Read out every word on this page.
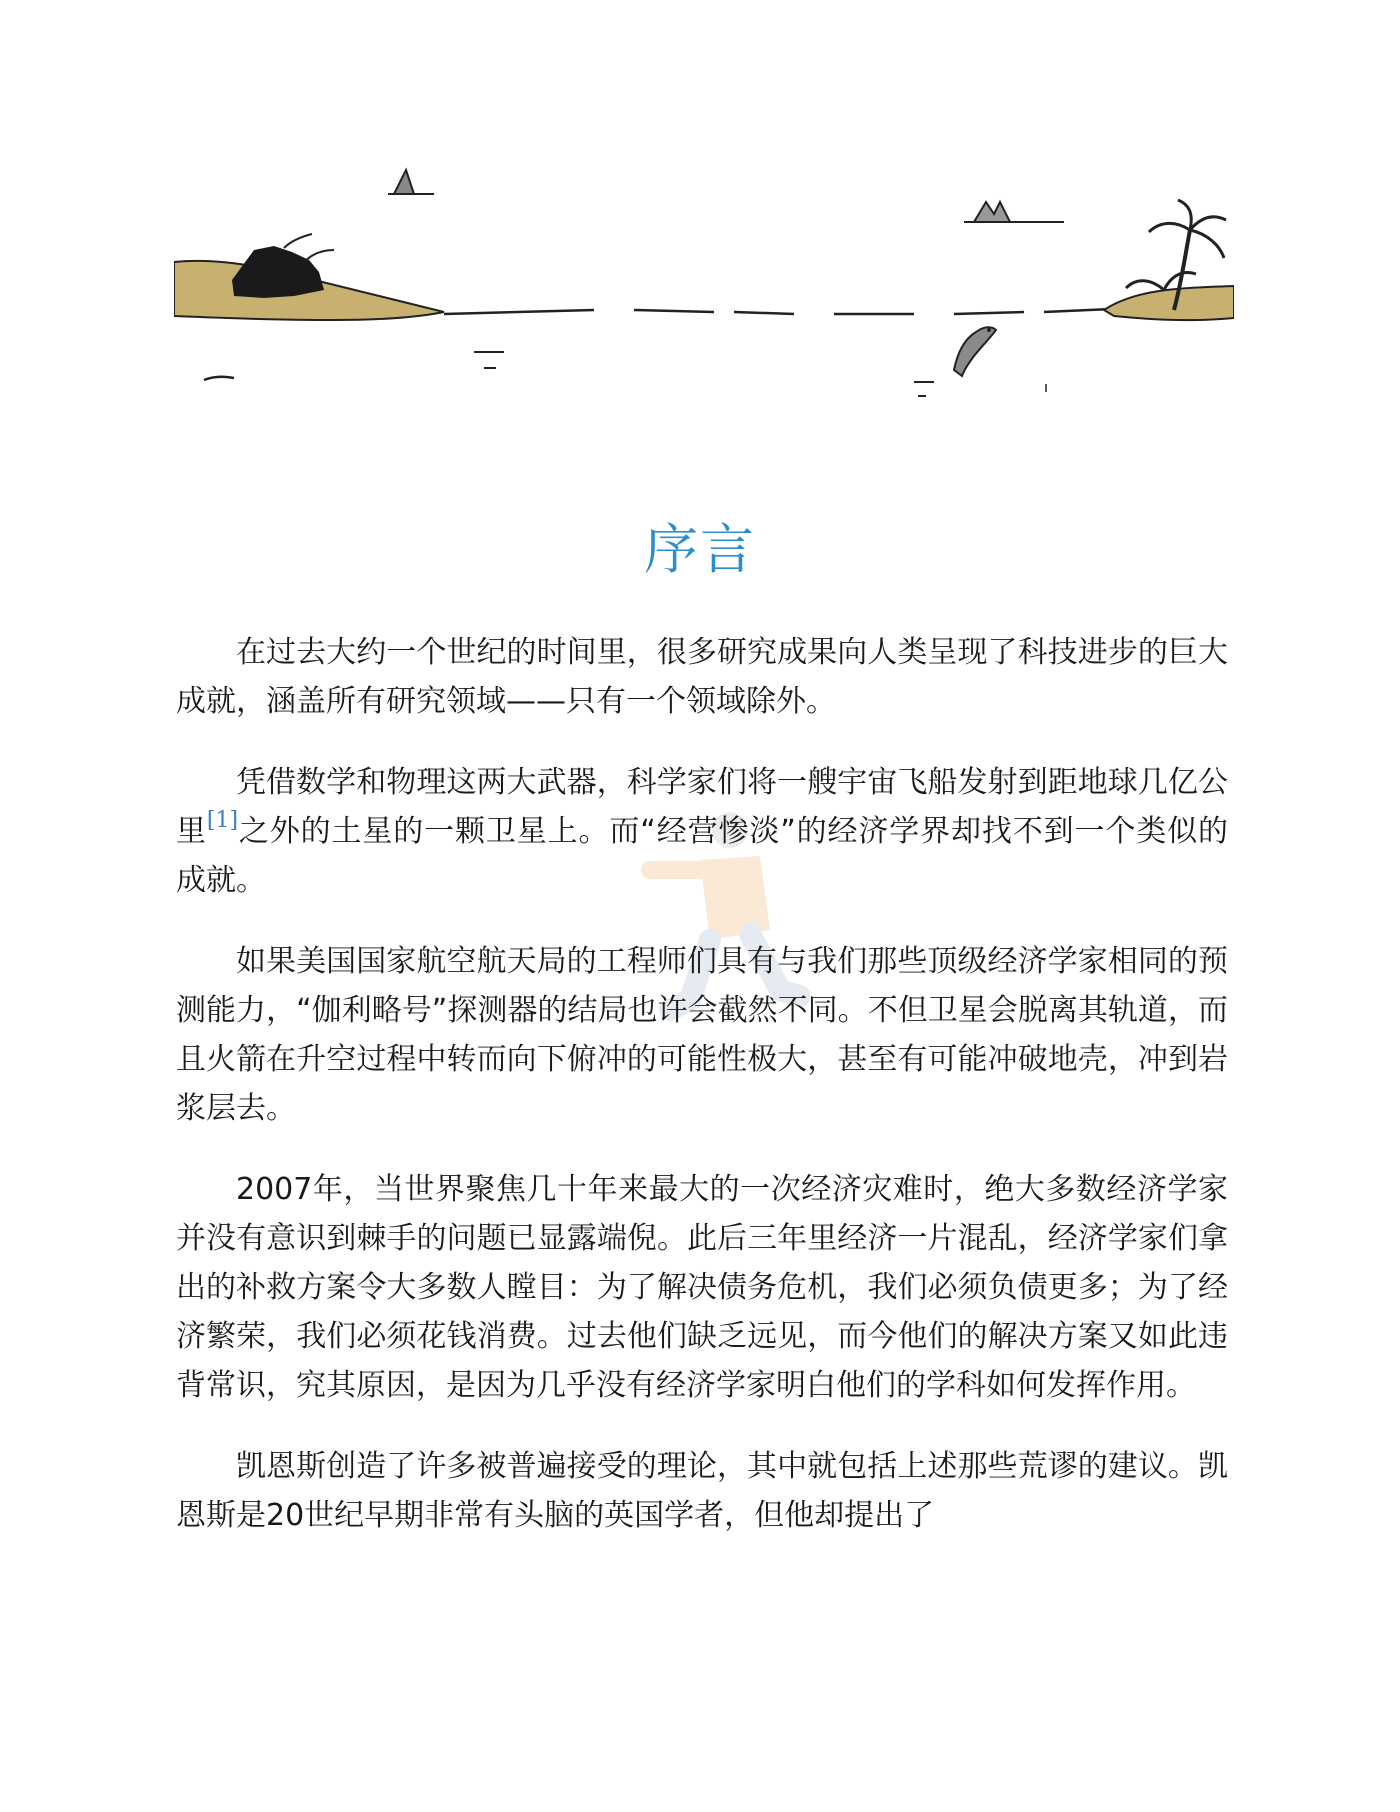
序言

在过去大约一个世纪的时间里，很多研究成果向人类呈现了科技进步的巨大成就，涵盖所有研究领域——只有一个领域除外。

凭借数学和物理这两大武器，科学家们将一艘宇宙飞船发射到距地球几亿公里[1]之外的土星的一颗卫星上。而“经营惨淡”的经济学界却找不到一个类似的成就。

如果美国国家航空航天局的工程师们具有与我们那些顶级经济学家相同的预测能力，“伽利略号”探测器的结局也许会截然不同。不但卫星会脱离其轨道，而且火箭在升空过程中转而向下俯冲的可能性极大，甚至有可能冲破地壳，冲到岩浆层去。

2007年，当世界聚焦几十年来最大的一次经济灾难时，绝大多数经济学家并没有意识到棘手的问题已显露端倪。此后三年里经济一片混乱，经济学家们拿出的补救方案令大多数人瞠目：为了解决债务危机，我们必须负债更多；为了经济繁荣，我们必须花钱消费。过去他们缺乏远见，而今他们的解决方案又如此违背常识，究其原因，是因为几乎没有经济学家明白他们的学科如何发挥作用。

凯恩斯创造了许多被普遍接受的理论，其中就包括上述那些荒谬的建议。凯恩斯是20世纪早期非常有头脑的英国学者，但他却提出了
